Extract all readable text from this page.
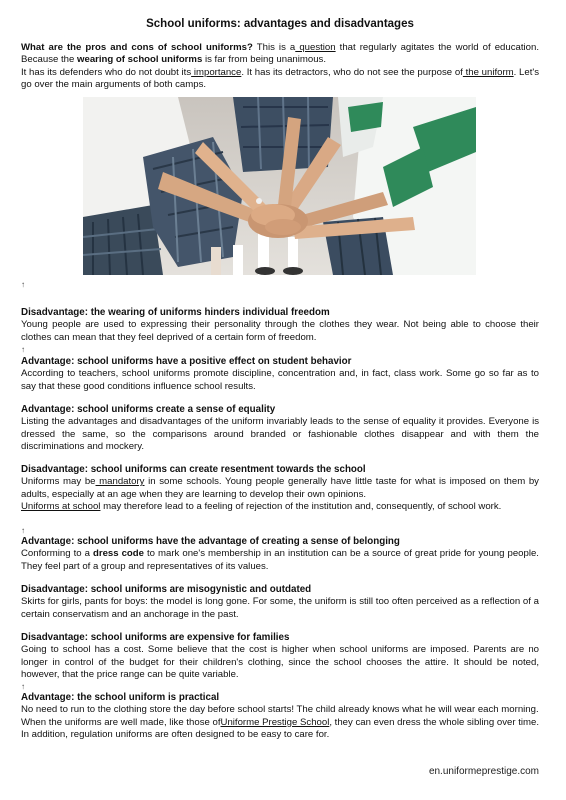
School uniforms: advantages and disadvantages

What are the pros and cons of school uniforms? This is a question that regularly agitates the world of education. Because the wearing of school uniforms is far from being unanimous.

It has its defenders who do not doubt its importance. It has its detractors, who do not see the purpose of the uniform. Let's go over the main arguments of both camps.

↑
Disadvantage: the wearing of uniforms hinders individual freedom

Young people are used to expressing their personality through the clothes they wear. Not being able to choose their clothes can mean that they feel deprived of a certain form of freedom.

↑
Advantage: school uniforms have a positive effect on student behavior

According to teachers, school uniforms promote discipline, concentration and, in fact, class work. Some go so far as to say that these good conditions influence school results.

Advantage: school uniforms create a sense of equality

Listing the advantages and disadvantages of the uniform invariably leads to the sense of equality it provides. Everyone is dressed the same, so the comparisons around branded or fashionable clothes disappear and with them the discriminations and mockery.

Disadvantage: school uniforms can create resentment towards the school

Uniforms may be mandatory in some schools. Young people generally have little taste for what is imposed on them by adults, especially at an age when they are learning to develop their own opinions.

Uniforms at school may therefore lead to a feeling of rejection of the institution and, consequently, of school work.

↑
Advantage: school uniforms have the advantage of creating a sense of belonging

Conforming to a dress code to mark one's membership in an institution can be a source of great pride for young people. They feel part of a group and representatives of its values.

Disadvantage: school uniforms are misogynistic and outdated

Skirts for girls, pants for boys: the model is long gone. For some, the uniform is still too often perceived as a reflection of a certain conservatism and an anchorage in the past.

Disadvantage: school uniforms are expensive for families

Going to school has a cost. Some believe that the cost is higher when school uniforms are imposed. Parents are no longer in control of the budget for their children's clothing, since the school chooses the attire. It should be noted, however, that the price range can be quite variable.

↑
Advantage: the school uniform is practical

No need to run to the clothing store the day before school starts! The child already knows what he will wear each morning.

When the uniforms are well made, like those ofUniforme Prestige School, they can even dress the whole sibling over time. In addition, regulation uniforms are often designed to be easy to care for.

en.uniformeprestige.com
